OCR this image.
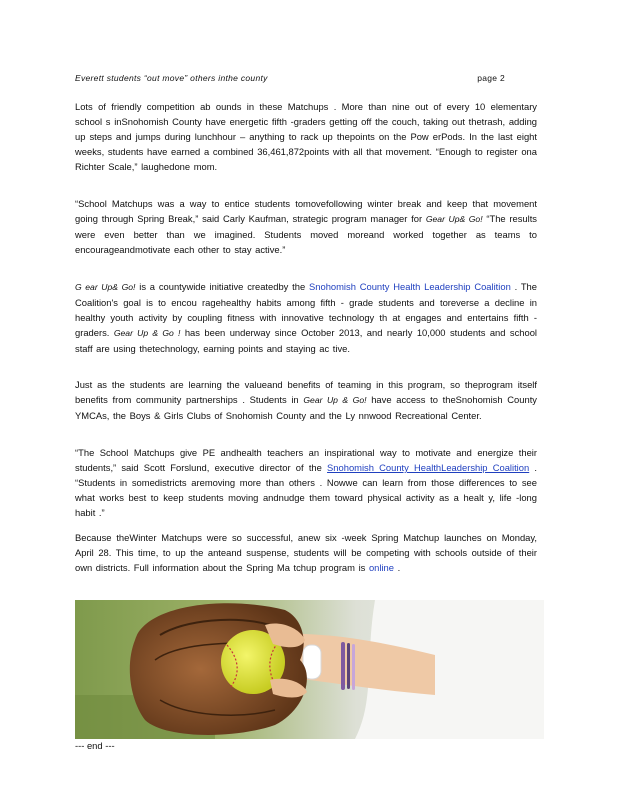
Everett students “out move” others inthe county	page 2

Lots of friendly competition ab ounds in these Matchups . More than nine out of every 10 elementary school s inSnohomish County have energetic fifth -graders getting off the couch, taking out thetrash, adding up steps and jumps during lunchhour – anything to rack up thepoints on the Pow erPods. In the last eight weeks, students have earned a combined 36,461,872points with all that movement. “Enough to register ona Richter Scale,” laughedone mom.

“School Matchups was a way to entice students tomovefollowing winter break and keep that movement going through Spring Break,” said Carly Kaufman, strategic program manager for Gear Up& Go! “The results were even better than we imagined. Students moved moreand worked together as teams to encourageandmotivate each other to stay active.”

G ear Up& Go! is a countywide initiative createdby the Snohomish County Health Leadership Coalition . The Coalition's goal is to encou ragehealthy habits among fifth - grade students and toreverse a decline in healthy youth activity by coupling fitness with innovative technology th at engages and entertains fifth -graders. Gear Up & Go ! has been underway since October 2013, and nearly 10,000 students and school staff are using thetechnology, earning points and staying ac tive.

Just as the students are learning the valueand benefits of teaming in this program, so theprogram itself benefits from community partnerships . Students in Gear Up & Go! have access to theSnohomish County YMCAs, the Boys & Girls Clubs of Snohomish County and the Ly nnwood Recreational Center.

“The School Matchups give PE andhealth teachers an inspirational way to motivate and energize their students,” said Scott Forslund, executive director of the Snohomish County HealthLeadership Coalition . “Students in somedistricts aremoving more than others . Nowwe can learn from those differences to see what works best to keep students moving andnudge them toward physical activity as a healt y, life -long habit .”

Because theWinter Matchups were so successful, anew six -week Spring Matchup launches on Monday, April 28. This time, to up the anteand suspense, students will be competing with schools outside of their own districts. Full information about the Spring Ma tchup program is online .

--- end ---
